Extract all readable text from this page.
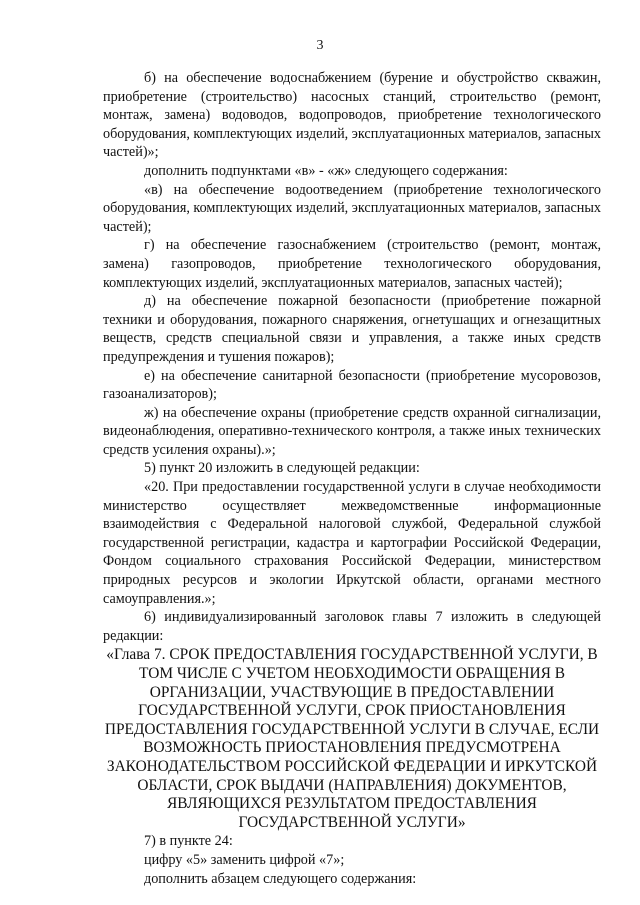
3

б) на обеспечение водоснабжением (бурение и обустройство скважин, приобретение (строительство) насосных станций, строительство (ремонт, монтаж, замена) водоводов, водопроводов, приобретение технологического оборудования, комплектующих изделий, эксплуатационных материалов, запасных частей)»;

дополнить подпунктами «в» - «ж» следующего содержания:

«в) на обеспечение водоотведением (приобретение технологического оборудования, комплектующих изделий, эксплуатационных материалов, запасных частей);

г) на обеспечение газоснабжением (строительство (ремонт, монтаж, замена) газопроводов, приобретение технологического оборудования, комплектующих изделий, эксплуатационных материалов, запасных частей);

д) на обеспечение пожарной безопасности (приобретение пожарной техники и оборудования, пожарного снаряжения, огнетушащих и огнезащитных веществ, средств специальной связи и управления, а также иных средств предупреждения и тушения пожаров);

е) на обеспечение санитарной безопасности (приобретение мусоровозов, газоанализаторов);

ж) на обеспечение охраны (приобретение средств охранной сигнализации, видеонаблюдения, оперативно-технического контроля, а также иных технических средств усиления охраны).»;

5) пункт 20 изложить в следующей редакции:

«20. При предоставлении государственной услуги в случае необходимости министерство осуществляет межведомственные информационные взаимодействия с Федеральной налоговой службой, Федеральной службой государственной регистрации, кадастра и картографии Российской Федерации, Фондом социального страхования Российской Федерации, министерством природных ресурсов и экологии Иркутской области, органами местного самоуправления.»;

6) индивидуализированный заголовок главы 7 изложить в следующей редакции:

«Глава 7. СРОК ПРЕДОСТАВЛЕНИЯ ГОСУДАРСТВЕННОЙ УСЛУГИ, В ТОМ ЧИСЛЕ С УЧЕТОМ НЕОБХОДИМОСТИ ОБРАЩЕНИЯ В ОРГАНИЗАЦИИ, УЧАСТВУЮЩИЕ В ПРЕДОСТАВЛЕНИИ ГОСУДАРСТВЕННОЙ УСЛУГИ, СРОК ПРИОСТАНОВЛЕНИЯ ПРЕДОСТАВЛЕНИЯ ГОСУДАРСТВЕННОЙ УСЛУГИ В СЛУЧАЕ, ЕСЛИ ВОЗМОЖНОСТЬ ПРИОСТАНОВЛЕНИЯ ПРЕДУСМОТРЕНА ЗАКОНОДАТЕЛЬСТВОМ РОССИЙСКОЙ ФЕДЕРАЦИИ И ИРКУТСКОЙ ОБЛАСТИ, СРОК ВЫДАЧИ (НАПРАВЛЕНИЯ) ДОКУМЕНТОВ, ЯВЛЯЮЩИХСЯ РЕЗУЛЬТАТОМ ПРЕДОСТАВЛЕНИЯ ГОСУДАРСТВЕННОЙ УСЛУГИ»

7) в пункте 24:

цифру «5» заменить цифрой «7»;

дополнить абзацем следующего содержания:
